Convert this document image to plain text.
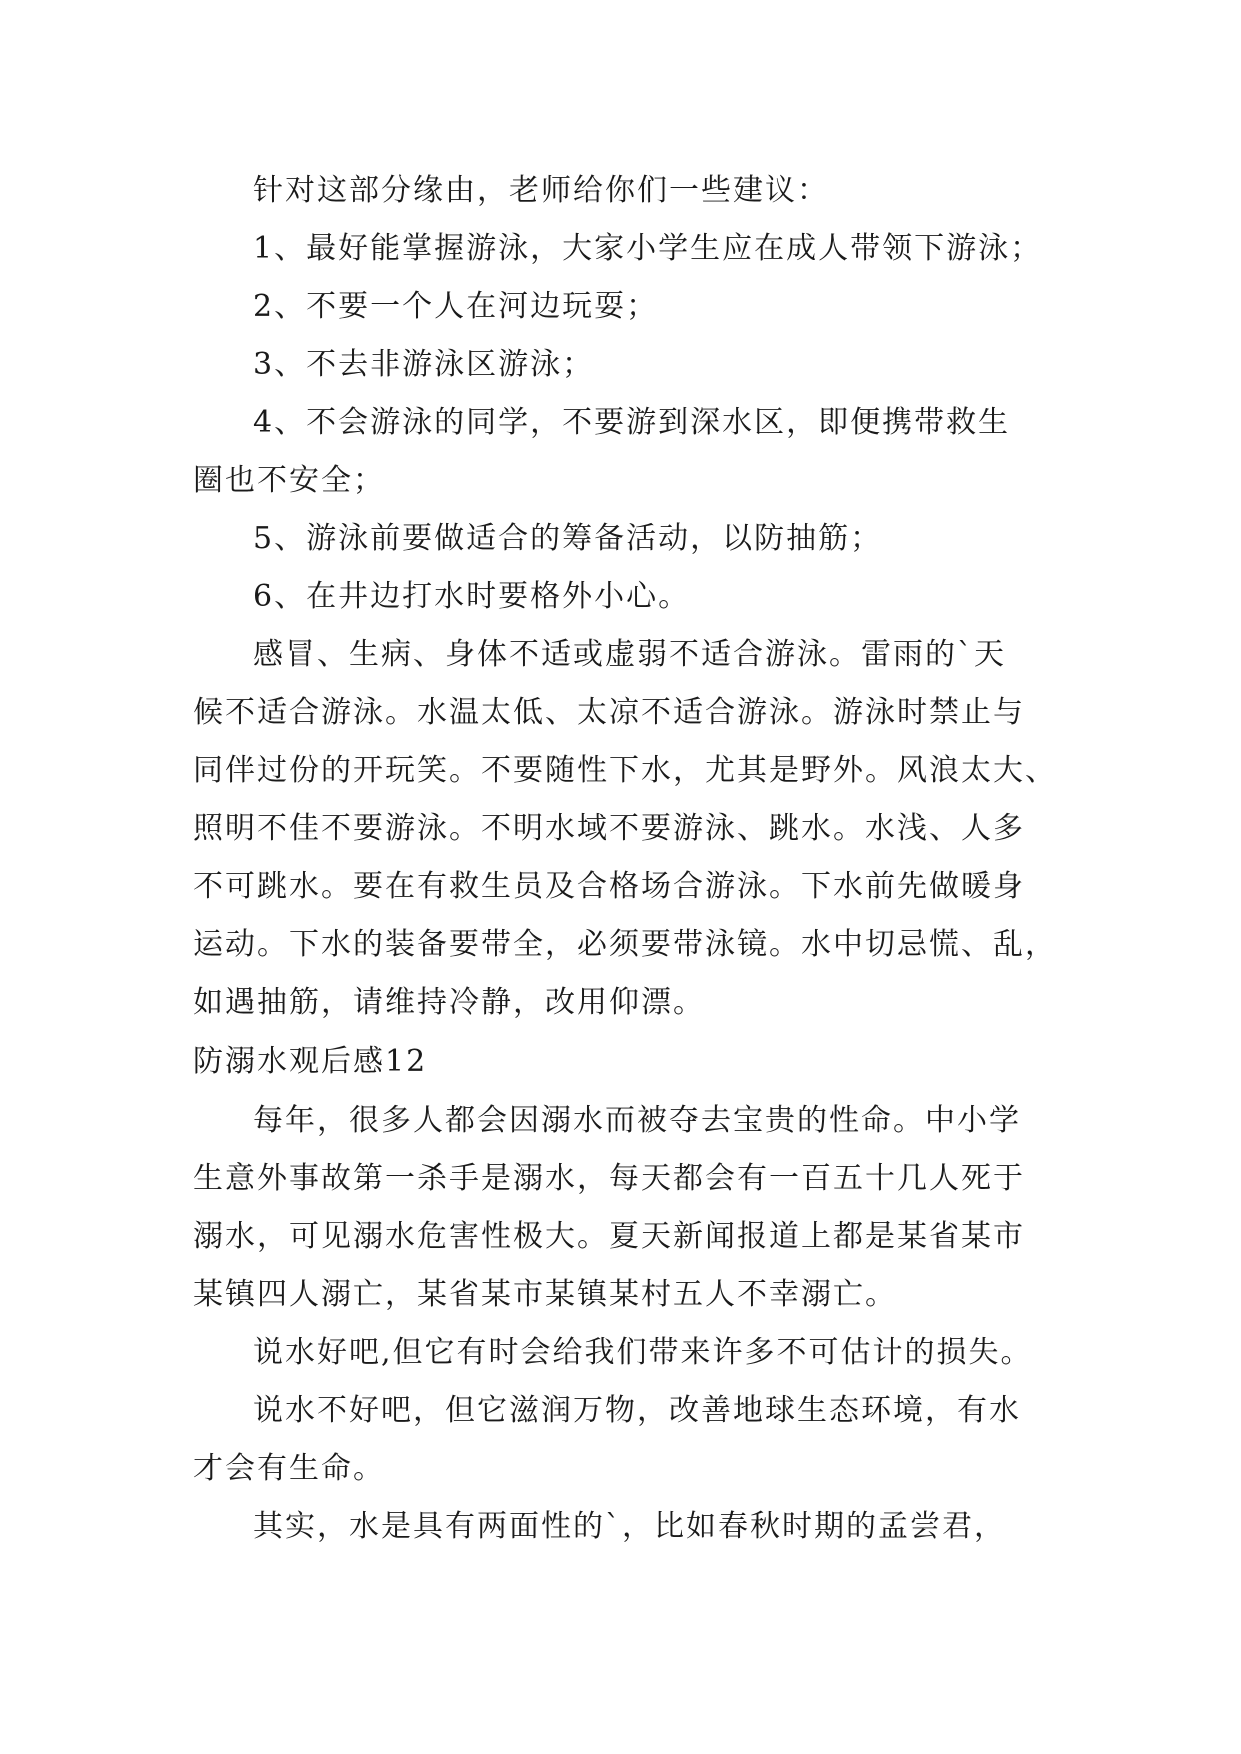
针对这部分缘由，老师给你们一些建议：
1、最好能掌握游泳，大家小学生应在成人带领下游泳；
2、不要一个人在河边玩耍；
3、不去非游泳区游泳；
4、不会游泳的同学，不要游到深水区，即便携带救生
圈也不安全；
5、游泳前要做适合的筹备活动，以防抽筋；
6、在井边打水时要格外小心。
感冒、生病、身体不适或虚弱不适合游泳。雷雨的`天
候不适合游泳。水温太低、太凉不适合游泳。游泳时禁止与
同伴过份的开玩笑。不要随性下水，尤其是野外。风浪太大、
照明不佳不要游泳。不明水域不要游泳、跳水。水浅、人多
不可跳水。要在有救生员及合格场合游泳。下水前先做暖身
运动。下水的装备要带全，必须要带泳镜。水中切忌慌、乱，
如遇抽筋，请维持冷静，改用仰漂。
防溺水观后感12
每年，很多人都会因溺水而被夺去宝贵的性命。中小学
生意外事故第一杀手是溺水，每天都会有一百五十几人死于
溺水，可见溺水危害性极大。夏天新闻报道上都是某省某市
某镇四人溺亡，某省某市某镇某村五人不幸溺亡。
说水好吧,但它有时会给我们带来许多不可估计的损失。
说水不好吧，但它滋润万物，改善地球生态环境，有水
才会有生命。
其实，水是具有两面性的`，比如春秋时期的孟尝君，
